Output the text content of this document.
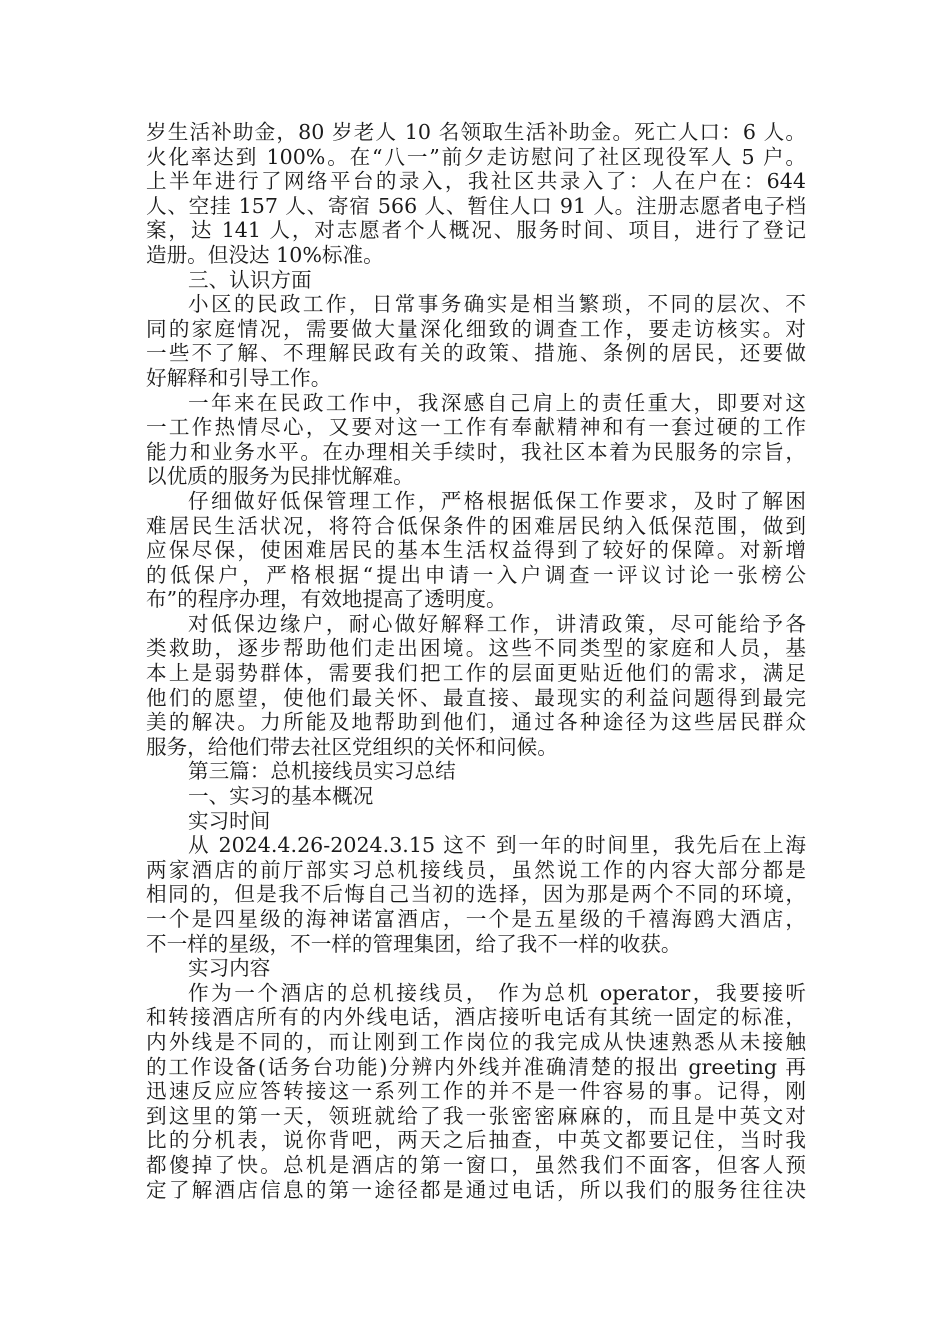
岁生活补助金，80 岁老人 10 名领取生活补助金。死亡人口：6 人。
火化率达到 100%。在“八一”前夕走访慰问了社区现役军人 5 户。
上半年进行了网络平台的录入，我社区共录入了：人在户在：644
人、空挂 157 人、寄宿 566 人、暂住人口 91 人。注册志愿者电子档
案，达 141 人，对志愿者个人概况、服务时间、项目，进行了登记
造册。但没达 10%标准。
三、认识方面
小区的民政工作，日常事务确实是相当繁琐，不同的层次、不
同的家庭情况，需要做大量深化细致的调查工作，要走访核实。对
一些不了解、不理解民政有关的政策、措施、条例的居民，还要做
好解释和引导工作。
一年来在民政工作中，我深感自己肩上的责任重大，即要对这
一工作热情尽心，又要对这一工作有奉献精神和有一套过硬的工作
能力和业务水平。在办理相关手续时，我社区本着为民服务的宗旨，
以优质的服务为民排忧解难。
仔细做好低保管理工作，严格根据低保工作要求，及时了解困
难居民生活状况，将符合低保条件的困难居民纳入低保范围，做到
应保尽保，使困难居民的基本生活权益得到了较好的保障。对新增
的低保户，严格根据“提出申请一入户调查一评议讨论一张榜公
布”的程序办理，有效地提高了透明度。
对低保边缘户，耐心做好解释工作，讲清政策，尽可能给予各
类救助，逐步帮助他们走出困境。这些不同类型的家庭和人员，基
本上是弱势群体，需要我们把工作的层面更贴近他们的需求，满足
他们的愿望，使他们最关怀、最直接、最现实的利益问题得到最完
美的解决。力所能及地帮助到他们，通过各种途径为这些居民群众
服务，给他们带去社区党组织的关怀和问候。
第三篇：总机接线员实习总结
一、实习的基本概况
实习时间
从 2024.4.26-2024.3.15 这不 到一年的时间里，我先后在上海
两家酒店的前厅部实习总机接线员，虽然说工作的内容大部分都是
相同的，但是我不后悔自己当初的选择，因为那是两个不同的环境，
一个是四星级的海神诺富酒店，一个是五星级的千禧海鸥大酒店，
不一样的星级，不一样的管理集团，给了我不一样的收获。
实习内容
作为一个酒店的总机接线员， 作为总机 operator，我要接听
和转接酒店所有的内外线电话，酒店接听电话有其统一固定的标准，
内外线是不同的，而让刚到工作岗位的我完成从快速熟悉从未接触
的工作设备(话务台功能)分辨内外线并准确清楚的报出 greeting 再
迅速反应应答转接这一系列工作的并不是一件容易的事。记得，刚
到这里的第一天，领班就给了我一张密密麻麻的，而且是中英文对
比的分机表，说你背吧，两天之后抽查，中英文都要记住，当时我
都傻掉了快。总机是酒店的第一窗口，虽然我们不面客，但客人预
定了解酒店信息的第一途径都是通过电话，所以我们的服务往往决
